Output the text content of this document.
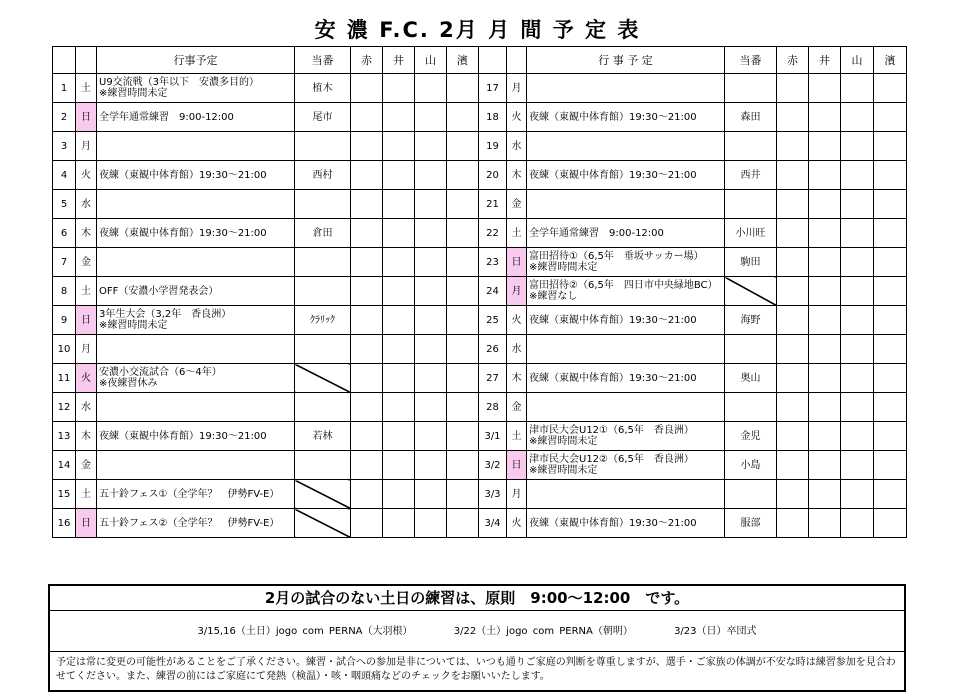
安 濃 F.C. 2月 月 間 予 定 表
		行事予定	当番	赤	井	山	濱
1	土	U9交流戦（3年以下　安濃多目的）
※練習時間未定	植木				
2	日	全学年通常練習　9:00-12:00	尾市				
3	月						
4	火	夜練（東観中体育館）19:30～21:00	西村				
5	水						
6	木	夜練（東観中体育館）19:30～21:00	倉田				
7	金						
8	土	OFF（安濃小学習発表会）					
9	日	3年生大会（3,2年　香良洲）
※練習時間未定	ｸﾗﾘｯｸ				
10	月						
11	火	安濃小交流試合（6～4年）
※夜練習休み					
12	水						
13	木	夜練（東観中体育館）19:30～21:00	若林				
14	金						
15	土	五十鈴フェス①（全学年？　伊勢FV-E）					
16	日	五十鈴フェス②（全学年？　伊勢FV-E）					
		行 事 予 定	当番	赤	井	山	濱
17	月						
18	火	夜練（東観中体育館）19:30～21:00	森田				
19	水						
20	木	夜練（東観中体育館）19:30～21:00	西井				
21	金						
22	土	全学年通常練習　9:00-12:00	小川旺				
23	日	富田招待①（6,5年　垂坂サッカー場）
※練習時間未定	駒田				
24	月	富田招待②（6,5年　四日市中央緑地BC）
※練習なし					
25	火	夜練（東観中体育館）19:30～21:00	海野				
26	水						
27	木	夜練（東観中体育館）19:30～21:00	奥山				
28	金						
3/1	土	津市民大会U12①（6,5年　香良洲）
※練習時間未定	金児				
3/2	日	津市民大会U12②（6,5年　香良洲）
※練習時間未定	小島				
3/3	月						
3/4	火	夜練（東観中体育館）19:30～21:00	服部				
2月の試合のない土日の練習は、原則　9:00～12:00　です。
3/15,16（土日）jogo com PERNA（大羽根）	3/22（土）jogo com PERNA（朝明）	3/23（日）卒団式
予定は常に変更の可能性があることをご了承ください。練習・試合への参加是非については、いつも通りご家庭の判断を尊重しますが、選手・ご家族の体調が不安な時は練習参加を見合わせてください。また、練習の前にはご家庭にて発熱（検温）・咳・咽頭痛などのチェックをお願いいたします。
